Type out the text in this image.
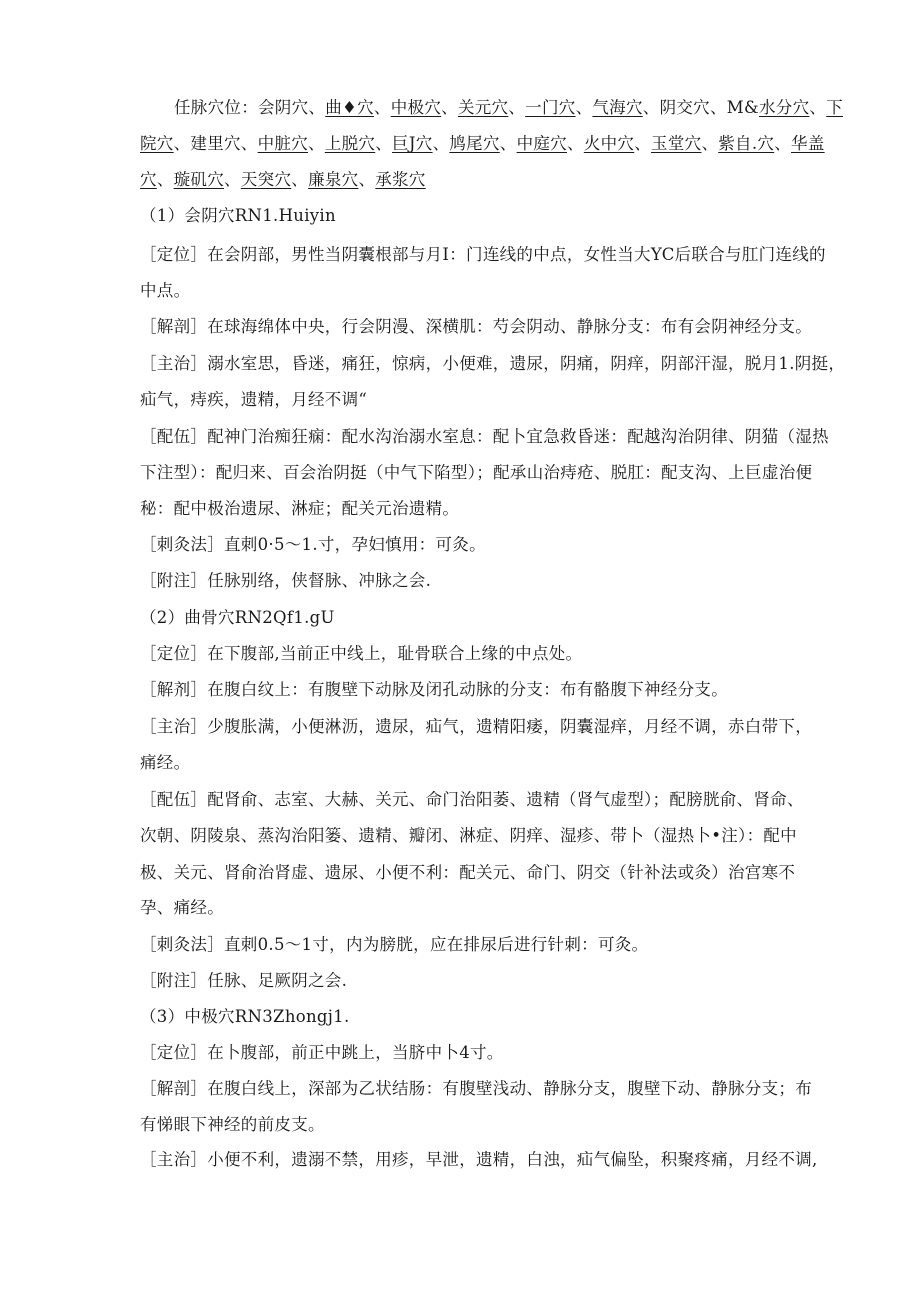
任脉穴位：会阴穴、曲♦穴、中极穴、关元穴、一门穴、气海穴、阴交穴、M&水分穴、下
院穴、建里穴、中脏穴、上脱穴、巨J穴、鸠尾穴、中庭穴、火中穴、玉堂穴、紫自.穴、华盖
穴、璇矶穴、天突穴、廉泉穴、承浆穴
（1）会阴穴RN1.Huiyin
［定位］在会阴部，男性当阴囊根部与月I：门连线的中点，女性当大YC后联合与肛门连线的
中点。
［解剖］在球海绵体中央，行会阴漫、深横肌：芍会阴动、静脉分支：布有会阴神经分支。
［主治］溺水室思，昏迷，痛狂，惊病，小便难，遗尿，阴痛，阴痒，阴部汗湿，脱月1.阴挺，
疝气，痔疾，遗精，月经不调“
［配伍］配神门治痴狂痫：配水沟治溺水室息：配卜宜急救昏迷：配越沟治阴律、阴猫（湿热
下注型）：配归来、百会治阴挺（中气下陷型）；配承山治痔疮、脱肛：配支沟、上巨虚治便
秘：配中极治遗尿、淋症；配关元治遗精。
［刺灸法］直刺0·5～1.寸，孕妇慎用：可灸。
［附注］任脉别络，侠督脉、冲脉之会.
（2）曲骨穴RN2Qf1.gU
［定位］在下腹部,当前正中线上，耻骨联合上缘的中点处。
［解剂］在腹白纹上：有腹壁下动脉及闭孔动脉的分支：布有骼腹下神经分支。
［主治］少腹胀满，小便淋沥，遗尿，疝气，遗精阳痿，阴囊湿痒，月经不调，赤白带下，
痛经。
［配伍］配肾俞、志室、大赫、关元、命门治阳萎、遗精（肾气虚型）；配膀胱俞、肾命、
次朝、阴陵泉、蒸沟治阳篓、遗精、瓣闭、淋症、阴痒、湿疹、带卜（湿热卜•注）：配中
极、关元、肾俞治肾虚、遗尿、小便不利：配关元、命门、阴交（针补法或灸）治宫寒不
孕、痛经。
［刺灸法］直刺0.5～1寸，内为膀胱，应在排尿后进行针刺：可灸。
［附注］任脉、足厥阴之会.
（3）中极穴RN3Zhongj1.
［定位］在卜腹部，前正中跳上，当脐中卜4寸。
［解剖］在腹白线上，深部为乙状结肠：有腹壁浅动、静脉分支，腹壁下动、静脉分支；布
有悌眼下神经的前皮支。
［主治］小便不利，遗溺不禁，用疹，早泄，遗精，白浊，疝气偏坠，积聚疼痛，月经不调,
